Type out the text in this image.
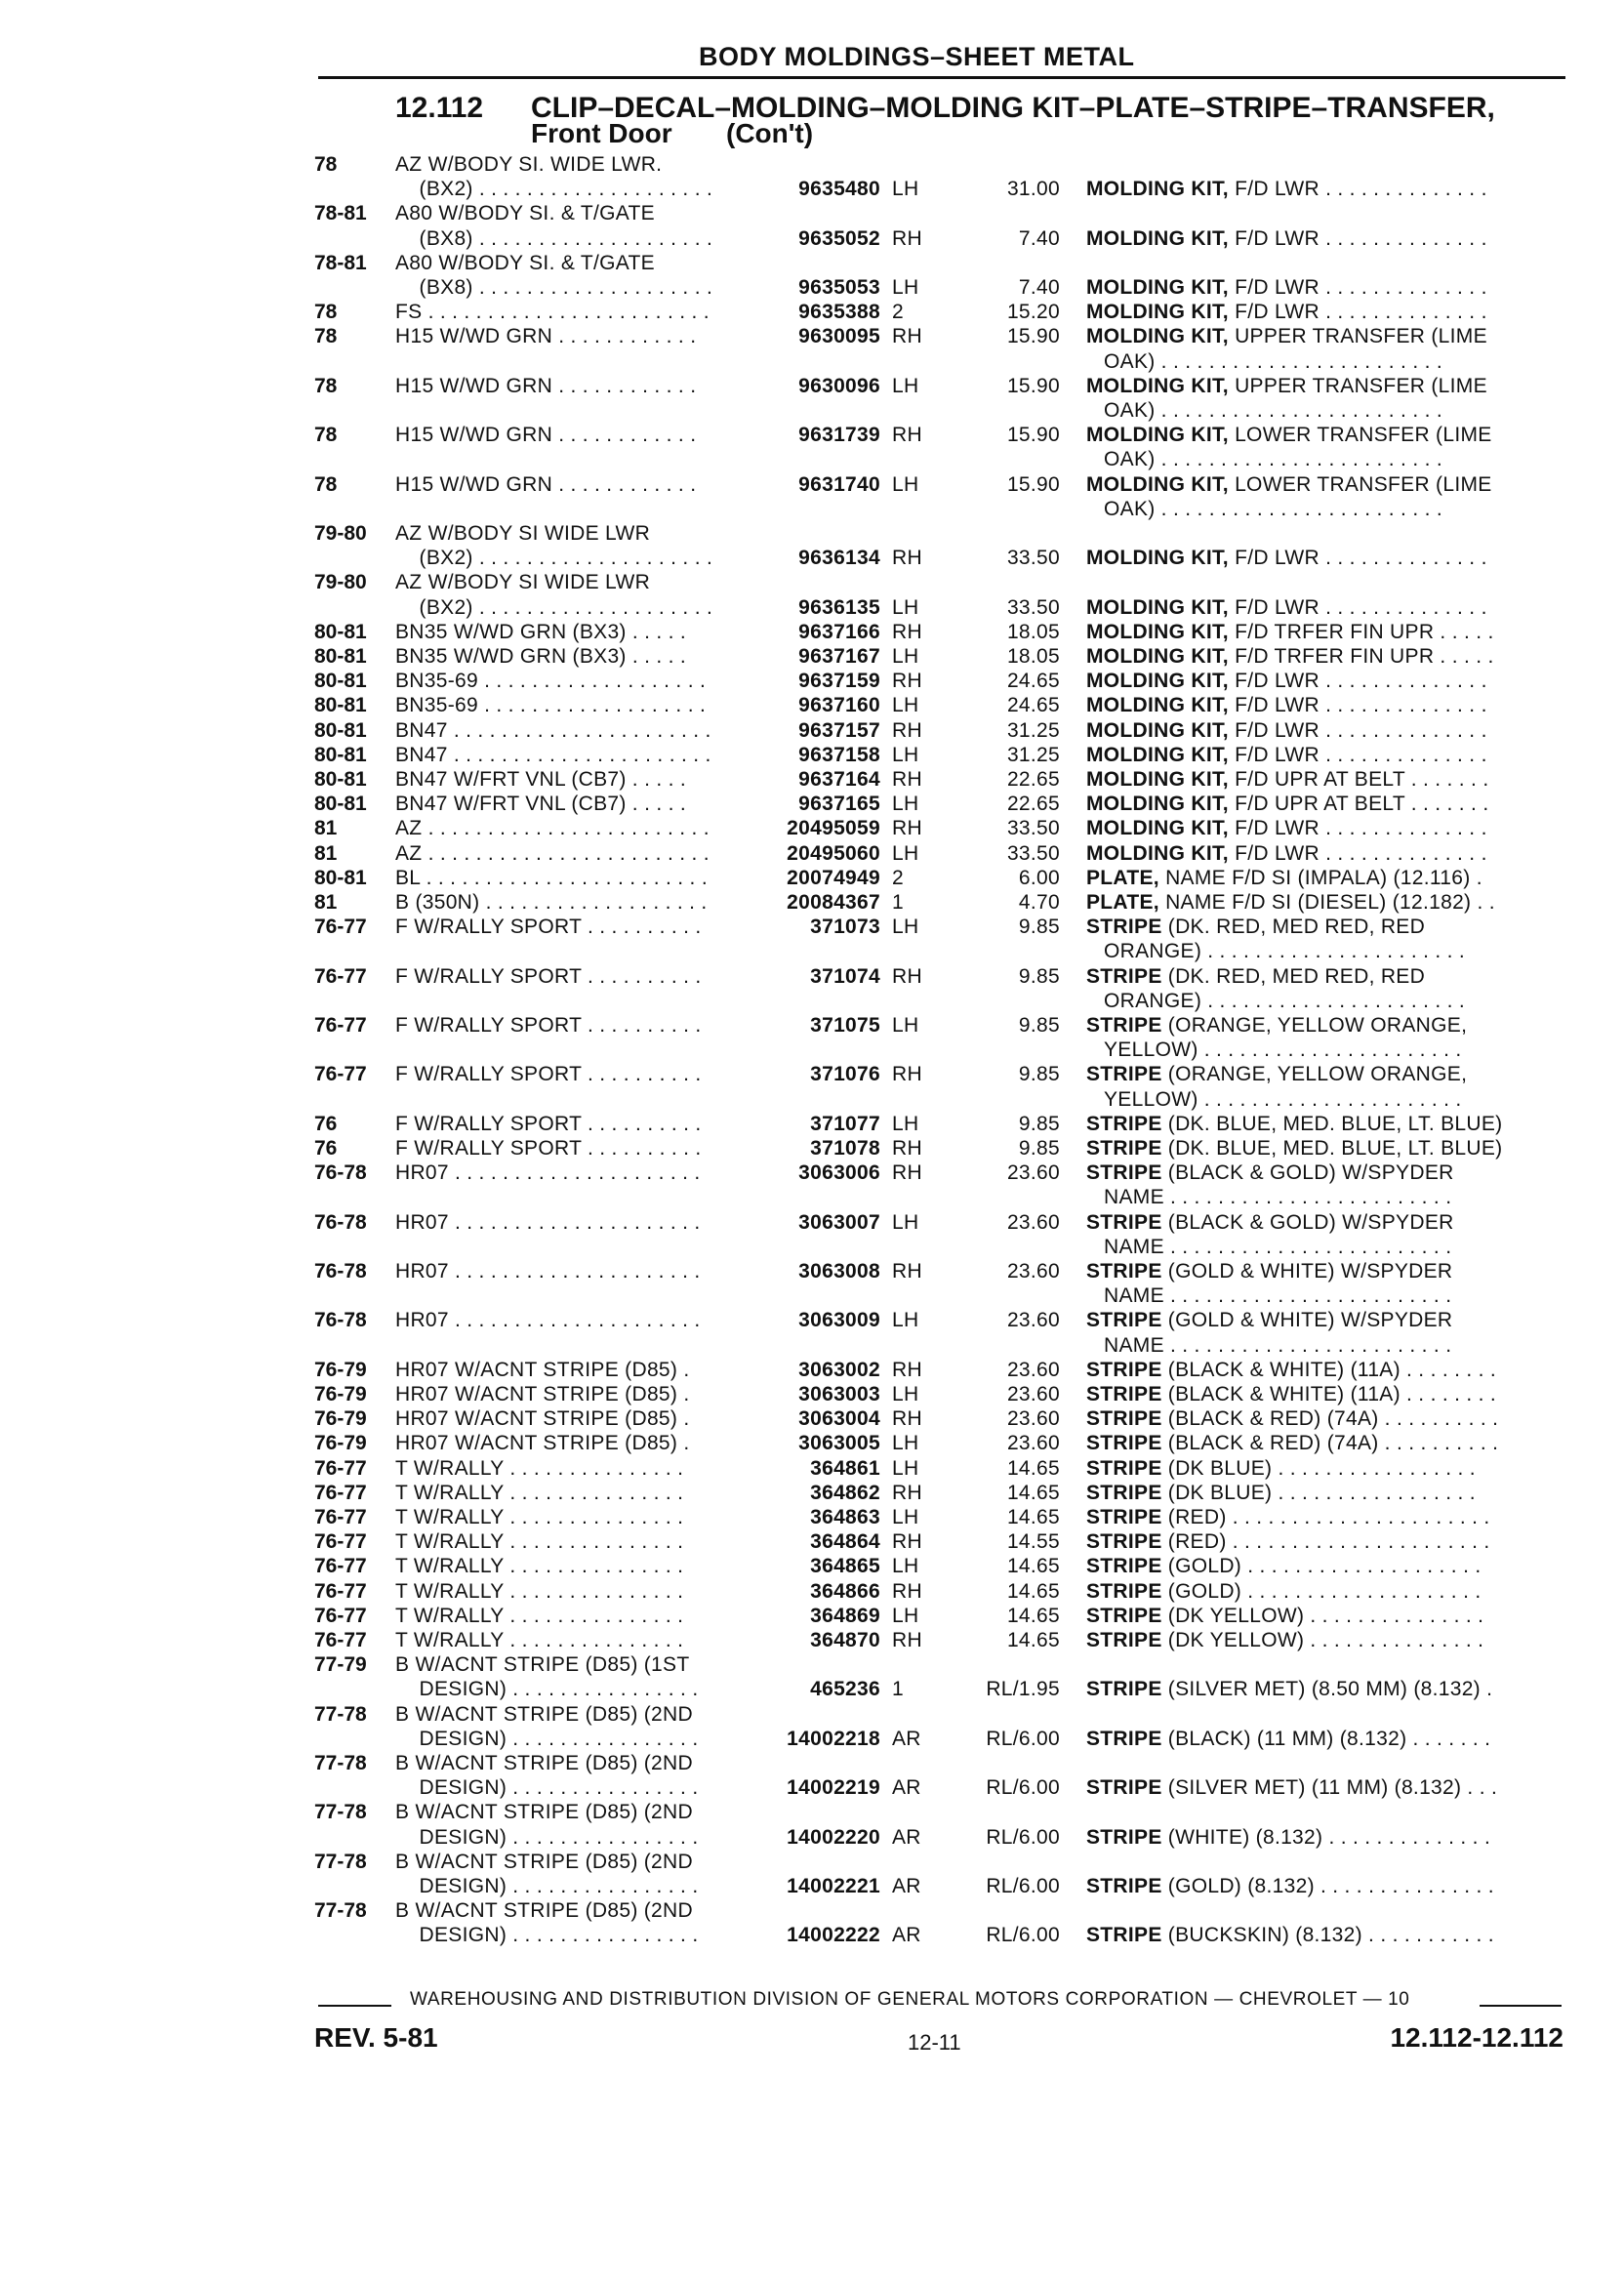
BODY MOLDINGS–SHEET METAL
12.112 CLIP–DECAL–MOLDING–MOLDING KIT–PLATE–STRIPE–TRANSFER,
Front Door (Con't)
78	AZ W/BODY SI. WIDE LWR.
(BX2) . . . . . . . . . . . . . . . . . . . .	9635480 LH	31.00 MOLDING KIT, F/D LWR . . . . . . . . . . . . . .
78-81	A80 W/BODY SI. & T/GATE
(BX8) . . . . . . . . . . . . . . . . . . . .	9635052 RH	7.40 MOLDING KIT, F/D LWR . . . . . . . . . . . . . .
78-81	A80 W/BODY SI. & T/GATE
(BX8) . . . . . . . . . . . . . . . . . . . .	9635053 LH	7.40 MOLDING KIT, F/D LWR . . . . . . . . . . . . . .
78	FS . . . . . . . . . . . . . . . . . . . . . . . .	9635388 2	15.20 MOLDING KIT, F/D LWR . . . . . . . . . . . . . .
78	H15 W/WD GRN . . . . . . . . . . . .	9630095 RH	15.90 MOLDING KIT, UPPER TRANSFER (LIME
OAK) . . . . . . . . . . . . . . . . . . . . . . . .
78	H15 W/WD GRN . . . . . . . . . . . .	9630096 LH	15.90 MOLDING KIT, UPPER TRANSFER (LIME
OAK) . . . . . . . . . . . . . . . . . . . . . . . .
78	H15 W/WD GRN . . . . . . . . . . . .	9631739 RH	15.90 MOLDING KIT, LOWER TRANSFER (LIME
OAK) . . . . . . . . . . . . . . . . . . . . . . . .
78	H15 W/WD GRN . . . . . . . . . . . .	9631740 LH	15.90 MOLDING KIT, LOWER TRANSFER (LIME
OAK) . . . . . . . . . . . . . . . . . . . . . . . .
79-80	AZ W/BODY SI WIDE LWR
(BX2) . . . . . . . . . . . . . . . . . . . .	9636134 RH	33.50 MOLDING KIT, F/D LWR . . . . . . . . . . . . . .
79-80	AZ W/BODY SI WIDE LWR
(BX2) . . . . . . . . . . . . . . . . . . . .	9636135 LH	33.50 MOLDING KIT, F/D LWR . . . . . . . . . . . . . .
80-81	BN35 W/WD GRN (BX3) . . . . .	9637166 RH	18.05 MOLDING KIT, F/D TRFER FIN UPR . . . . .
80-81	BN35 W/WD GRN (BX3) . . . . .	9637167 LH	18.05 MOLDING KIT, F/D TRFER FIN UPR . . . . .
80-81	BN35-69 . . . . . . . . . . . . . . . . . . .	9637159 RH	24.65 MOLDING KIT, F/D LWR . . . . . . . . . . . . . .
80-81	BN35-69 . . . . . . . . . . . . . . . . . . .	9637160 LH	24.65 MOLDING KIT, F/D LWR . . . . . . . . . . . . . .
80-81	BN47 . . . . . . . . . . . . . . . . . . . . . .	9637157 RH	31.25 MOLDING KIT, F/D LWR . . . . . . . . . . . . . .
80-81	BN47 . . . . . . . . . . . . . . . . . . . . . .	9637158 LH	31.25 MOLDING KIT, F/D LWR . . . . . . . . . . . . . .
80-81	BN47 W/FRT VNL (CB7) . . . . .	9637164 RH	22.65 MOLDING KIT, F/D UPR AT BELT . . . . . . .
80-81	BN47 W/FRT VNL (CB7) . . . . .	9637165 LH	22.65 MOLDING KIT, F/D UPR AT BELT . . . . . . .
81	AZ . . . . . . . . . . . . . . . . . . . . . . . .	20495059 RH	33.50 MOLDING KIT, F/D LWR . . . . . . . . . . . . . .
81	AZ . . . . . . . . . . . . . . . . . . . . . . . .	20495060 LH	33.50 MOLDING KIT, F/D LWR . . . . . . . . . . . . . .
80-81	BL . . . . . . . . . . . . . . . . . . . . . . . .	20074949 2	6.00 PLATE, NAME F/D SI (IMPALA) (12.116) .
81	B (350N) . . . . . . . . . . . . . . . . . . .	20084367 1	4.70 PLATE, NAME F/D SI (DIESEL) (12.182) . .
76-77	F W/RALLY SPORT . . . . . . . . . .	371073 LH	9.85 STRIPE (DK. RED, MED RED, RED
ORANGE) . . . . . . . . . . . . . . . . . . . . . .
76-77	F W/RALLY SPORT . . . . . . . . . .	371074 RH	9.85 STRIPE (DK. RED, MED RED, RED
ORANGE) . . . . . . . . . . . . . . . . . . . . . .
76-77	F W/RALLY SPORT . . . . . . . . . .	371075 LH	9.85 STRIPE (ORANGE, YELLOW ORANGE,
YELLOW) . . . . . . . . . . . . . . . . . . . . . .
76-77	F W/RALLY SPORT . . . . . . . . . .	371076 RH	9.85 STRIPE (ORANGE, YELLOW ORANGE,
YELLOW) . . . . . . . . . . . . . . . . . . . . . .
76	F W/RALLY SPORT . . . . . . . . . .	371077 LH	9.85 STRIPE (DK. BLUE, MED. BLUE, LT. BLUE)
76	F W/RALLY SPORT . . . . . . . . . .	371078 RH	9.85 STRIPE (DK. BLUE, MED. BLUE, LT. BLUE)
76-78	HR07 . . . . . . . . . . . . . . . . . . . . .	3063006 RH	23.60 STRIPE (BLACK & GOLD) W/SPYDER
NAME . . . . . . . . . . . . . . . . . . . . . . . .
76-78	HR07 . . . . . . . . . . . . . . . . . . . . .	3063007 LH	23.60 STRIPE (BLACK & GOLD) W/SPYDER
NAME . . . . . . . . . . . . . . . . . . . . . . . .
76-78	HR07 . . . . . . . . . . . . . . . . . . . . .	3063008 RH	23.60 STRIPE (GOLD & WHITE) W/SPYDER
NAME . . . . . . . . . . . . . . . . . . . . . . . .
76-78	HR07 . . . . . . . . . . . . . . . . . . . . .	3063009 LH	23.60 STRIPE (GOLD & WHITE) W/SPYDER
NAME . . . . . . . . . . . . . . . . . . . . . . . .
76-79	HR07 W/ACNT STRIPE (D85) .	3063002 RH	23.60 STRIPE (BLACK & WHITE) (11A) . . . . . . . .
76-79	HR07 W/ACNT STRIPE (D85) .	3063003 LH	23.60 STRIPE (BLACK & WHITE) (11A) . . . . . . . .
76-79	HR07 W/ACNT STRIPE (D85) .	3063004 RH	23.60 STRIPE (BLACK & RED) (74A) . . . . . . . . . .
76-79	HR07 W/ACNT STRIPE (D85) .	3063005 LH	23.60 STRIPE (BLACK & RED) (74A) . . . . . . . . . .
76-77	T W/RALLY . . . . . . . . . . . . . . .	364861 LH	14.65 STRIPE (DK BLUE) . . . . . . . . . . . . . . . . .
76-77	T W/RALLY . . . . . . . . . . . . . . .	364862 RH	14.65 STRIPE (DK BLUE) . . . . . . . . . . . . . . . . .
76-77	T W/RALLY . . . . . . . . . . . . . . .	364863 LH	14.65 STRIPE (RED) . . . . . . . . . . . . . . . . . . . . . .
76-77	T W/RALLY . . . . . . . . . . . . . . .	364864 RH	14.55 STRIPE (RED) . . . . . . . . . . . . . . . . . . . . . .
76-77	T W/RALLY . . . . . . . . . . . . . . .	364865 LH	14.65 STRIPE (GOLD) . . . . . . . . . . . . . . . . . . . .
76-77	T W/RALLY . . . . . . . . . . . . . . .	364866 RH	14.65 STRIPE (GOLD) . . . . . . . . . . . . . . . . . . . .
76-77	T W/RALLY . . . . . . . . . . . . . . .	364869 LH	14.65 STRIPE (DK YELLOW) . . . . . . . . . . . . . . .
76-77	T W/RALLY . . . . . . . . . . . . . . .	364870 RH	14.65 STRIPE (DK YELLOW) . . . . . . . . . . . . . . .
77-79	B W/ACNT STRIPE (D85) (1ST
DESIGN) . . . . . . . . . . . . . . . .	465236 1	RL/1.95 STRIPE (SILVER MET) (8.50 MM) (8.132) .
77-78	B W/ACNT STRIPE (D85) (2ND
DESIGN) . . . . . . . . . . . . . . . .	14002218 AR	RL/6.00 STRIPE (BLACK) (11 MM) (8.132) . . . . . . .
77-78	B W/ACNT STRIPE (D85) (2ND
DESIGN) . . . . . . . . . . . . . . . .	14002219 AR	RL/6.00 STRIPE (SILVER MET) (11 MM) (8.132) . . .
77-78	B W/ACNT STRIPE (D85) (2ND
DESIGN) . . . . . . . . . . . . . . . .	14002220 AR	RL/6.00 STRIPE (WHITE) (8.132) . . . . . . . . . . . . . .
77-78	B W/ACNT STRIPE (D85) (2ND
DESIGN) . . . . . . . . . . . . . . . .	14002221 AR	RL/6.00 STRIPE (GOLD) (8.132) . . . . . . . . . . . . . . .
77-78	B W/ACNT STRIPE (D85) (2ND
DESIGN) . . . . . . . . . . . . . . . .	14002222 AR	RL/6.00 STRIPE (BUCKSKIN) (8.132) . . . . . . . . . . .
WAREHOUSING AND DISTRIBUTION DIVISION OF GENERAL MOTORS CORPORATION — CHEVROLET — 10
REV. 5-81	12-11	12.112-12.112
